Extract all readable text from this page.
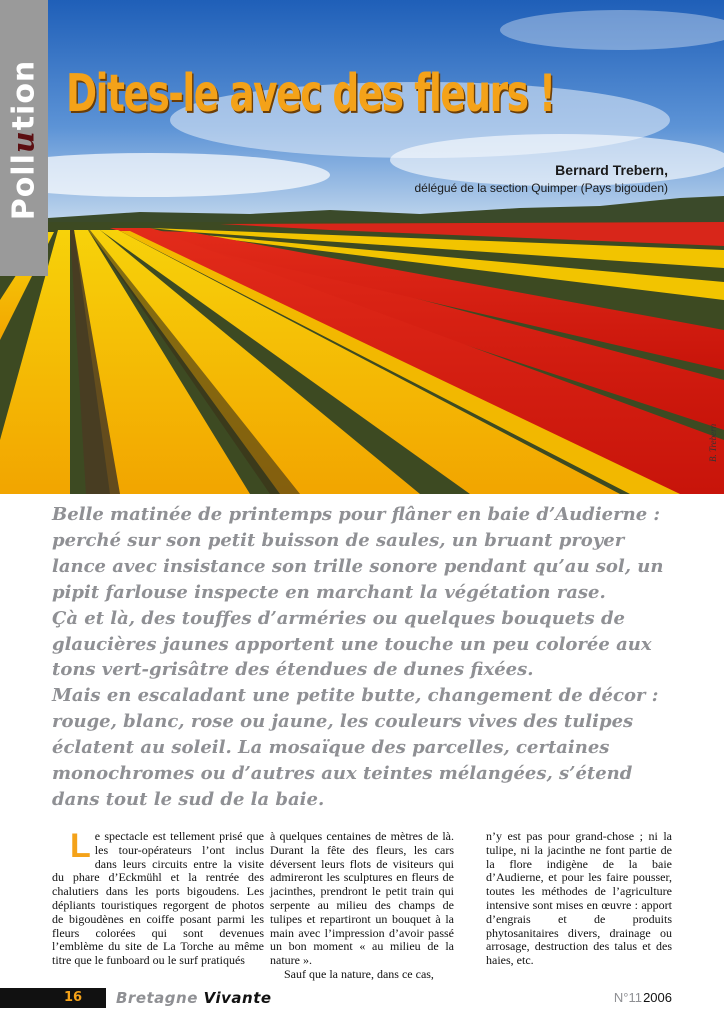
Pollution Dites-le avec des fleurs !
Bernard Trebern,
délégué de la section Quimper (Pays bigouden)
B. Trebern

Belle matinée de printemps pour flâner en baie d’Audierne : perché sur son petit buisson de saules, un bruant proyer lance avec insistance son trille sonore pendant qu’au sol, un pipit farlouse inspecte en marchant la végétation rase.

Çà et là, des touffes d’arméries ou quelques bouquets de glaucières jaunes apportent une touche un peu colorée aux tons vert-grisâtre des étendues de dunes fixées.

Mais en escaladant une petite butte, changement de décor : rouge, blanc, rose ou jaune, les couleurs vives des tulipes éclatent au soleil. La mosaïque des parcelles, certaines monochromes ou d’autres aux teintes mélangées, s’étend dans tout le sud de la baie.

Le spectacle est tellement prisé que les tour-opérateurs l’ont inclus dans leurs circuits entre la visite du phare d’Eckmühl et la rentrée des chalutiers dans les ports bigoudens. Les dépliants touristiques regorgent de photos de bigoudènes en coiffe posant parmi les fleurs colorées qui sont devenues l’emblème du site de La Torche au même titre que le funboard ou le surf pratiqués

à quelques centaines de mètres de là. Durant la fête des fleurs, les cars déversent leurs flots de visiteurs qui admireront les sculptures en fleurs de jacinthes, prendront le petit train qui serpente au milieu des champs de tulipes et repartiront un bouquet à la main avec l’impression d’avoir passé un bon moment « au milieu de la nature ».

Sauf que la nature, dans ce cas,

n’y est pas pour grand-chose ; ni la tulipe, ni la jacinthe ne font partie de la flore indigène de la baie d’Audierne, et pour les faire pousser, toutes les méthodes de l’agriculture intensive sont mises en œuvre : apport d’engrais et de produits phytosanitaires divers, drainage ou arrosage, destruction des talus et des haies, etc.

16 Bretagne Vivante	N°11 2006
